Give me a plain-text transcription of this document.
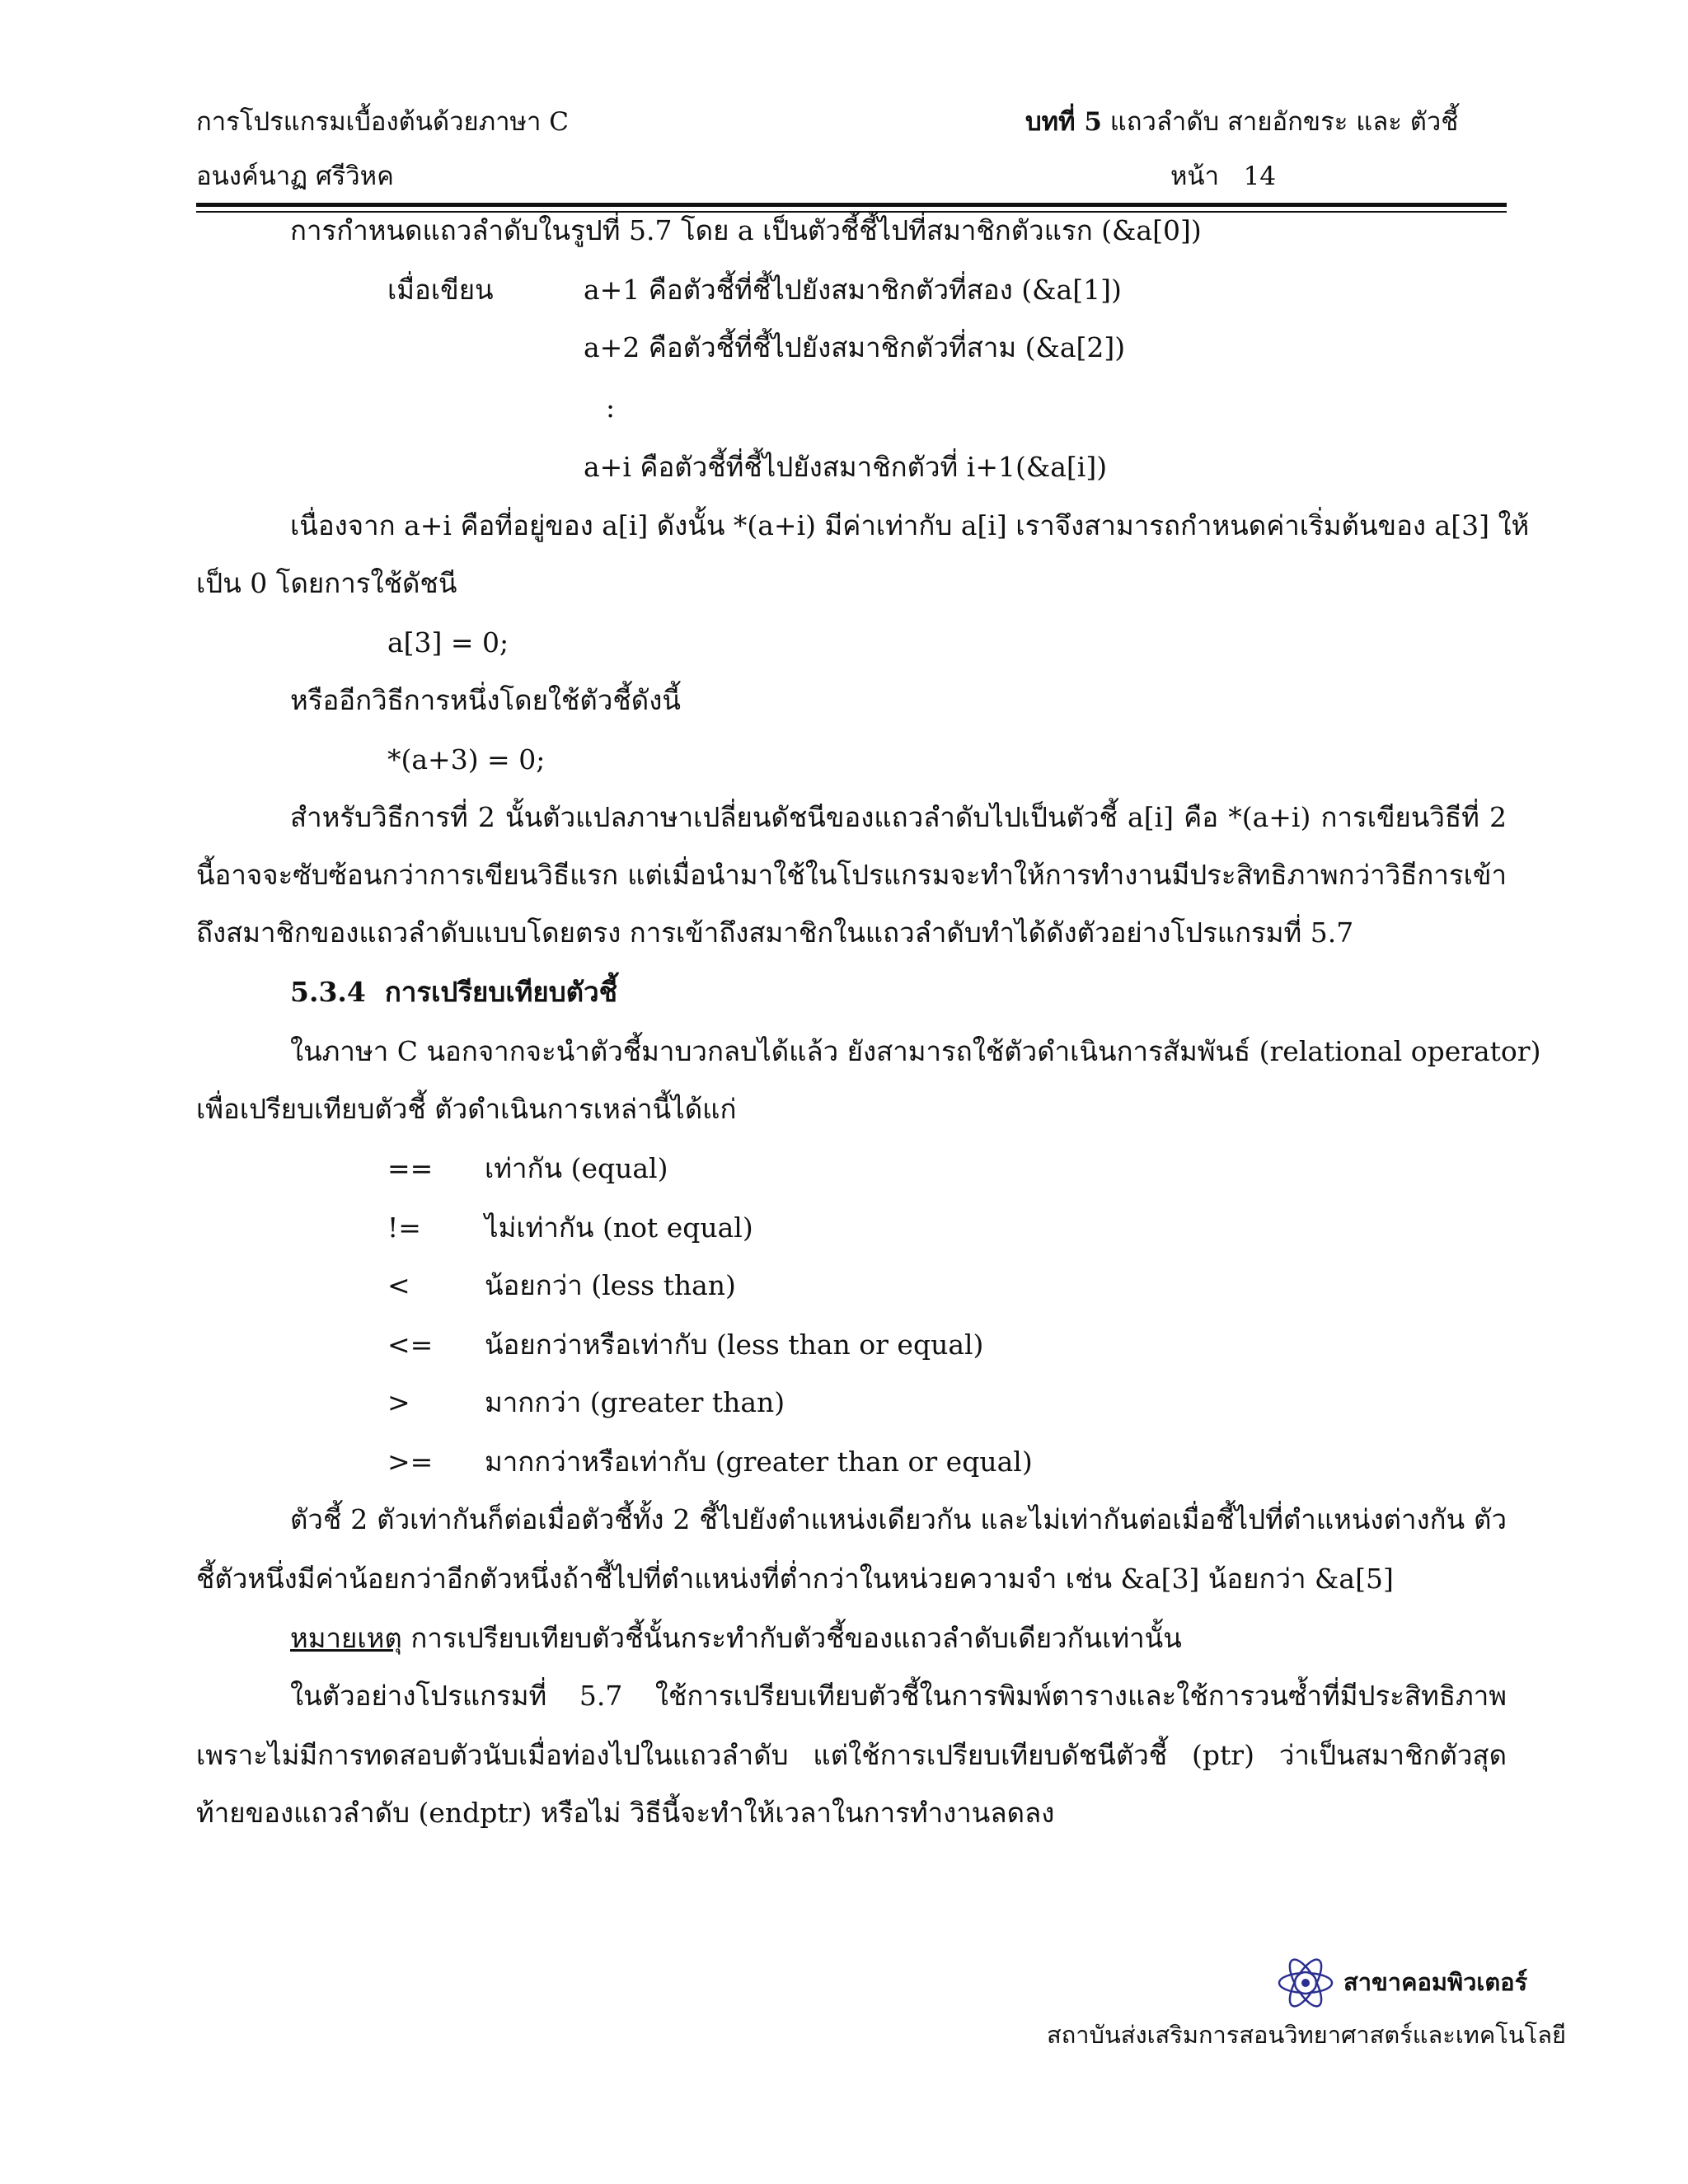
การโปรแกรมเบื้องต้นด้วยภาษา C	บทที่ 5 แถวลำดับ สายอักขระ และ ตัวชี้
อนงค์นาฏ ศรีวิหค	หน้า 14
การกำหนดแถวลำดับในรูปที่ 5.7 โดย a เป็นตัวชี้ชี้ไปที่สมาชิกตัวแรก (&a[0])
เมื่อเขียน	a+1 คือตัวชี้ที่ชี้ไปยังสมาชิกตัวที่สอง (&a[1])
a+2 คือตัวชี้ที่ชี้ไปยังสมาชิกตัวที่สาม (&a[2])
:
a+i คือตัวชี้ที่ชี้ไปยังสมาชิกตัวที่ i+1(&a[i])
เนื่องจาก a+i คือที่อยู่ของ a[i] ดังนั้น *(a+i) มีค่าเท่ากับ a[i] เราจึงสามารถกำหนดค่าเริ่มต้นของ a[3] ให้
เป็น 0 โดยการใช้ดัชนี
a[3] = 0;
หรืออีกวิธีการหนึ่งโดยใช้ตัวชี้ดังนี้
*(a+3) = 0;
สำหรับวิธีการที่ 2 นั้นตัวแปลภาษาเปลี่ยนดัชนีของแถวลำดับไปเป็นตัวชี้ a[i] คือ *(a+i) การเขียนวิธีที่ 2
นี้อาจจะซับซ้อนกว่าการเขียนวิธีแรก แต่เมื่อนำมาใช้ในโปรแกรมจะทำให้การทำงานมีประสิทธิภาพกว่าวิธีการเข้า
ถึงสมาชิกของแถวลำดับแบบโดยตรง การเข้าถึงสมาชิกในแถวลำดับทำได้ดังตัวอย่างโปรแกรมที่ 5.7
5.3.4 การเปรียบเทียบตัวชี้
ในภาษา C นอกจากจะนำตัวชี้มาบวกลบได้แล้ว ยังสามารถใช้ตัวดำเนินการสัมพันธ์ (relational operator)
เพื่อเปรียบเทียบตัวชี้ ตัวดำเนินการเหล่านี้ได้แก่
== เท่ากัน (equal)
!= ไม่เท่ากัน (not equal)
<	น้อยกว่า (less than)
<= น้อยกว่าหรือเท่ากับ (less than or equal)
>	มากกว่า (greater than)
>= มากกว่าหรือเท่ากับ (greater than or equal)
ตัวชี้ 2 ตัวเท่ากันก็ต่อเมื่อตัวชี้ทั้ง 2 ชี้ไปยังตำแหน่งเดียวกัน และไม่เท่ากันต่อเมื่อชี้ไปที่ตำแหน่งต่างกัน ตัว
ชี้ตัวหนึ่งมีค่าน้อยกว่าอีกตัวหนึ่งถ้าชี้ไปที่ตำแหน่งที่ต่ำกว่าในหน่วยความจำ เช่น &a[3] น้อยกว่า &a[5]
หมายเหตุ การเปรียบเทียบตัวชี้นั้นกระทำกับตัวชี้ของแถวลำดับเดียวกันเท่านั้น
ในตัวอย่างโปรแกรมที่ 5.7 ใช้การเปรียบเทียบตัวชี้ในการพิมพ์ตารางและใช้การวนซ้ำที่มีประสิทธิภาพ
เพราะไม่มีการทดสอบตัวนับเมื่อท่องไปในแถวลำดับ แต่ใช้การเปรียบเทียบดัชนีตัวชี้ (ptr) ว่าเป็นสมาชิกตัวสุด
ท้ายของแถวลำดับ (endptr) หรือไม่ วิธีนี้จะทำให้เวลาในการทำงานลดลง
สาขาคอมพิวเตอร์
สถาบันส่งเสริมการสอนวิทยาศาสตร์และเทคโนโลยี
